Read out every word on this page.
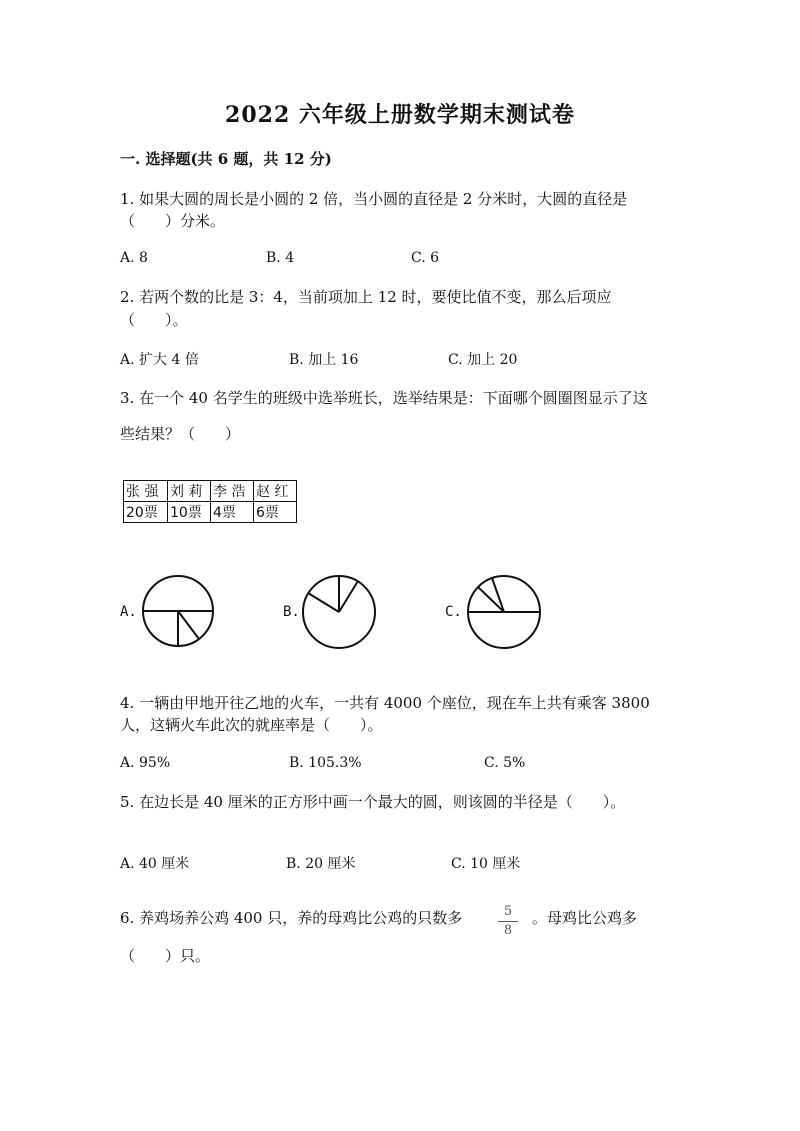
2022 六年级上册数学期末测试卷
一. 选择题(共 6 题，共 12 分)
1. 如果大圆的周长是小圆的 2 倍，当小圆的直径是 2 分米时，大圆的直径是
（　　）分米。
A. 8	B. 4	C. 6
2. 若两个数的比是 3：4，当前项加上 12 时，要使比值不变，那么后项应
（　　）。
A. 扩大 4 倍	B. 加上 16	C. 加上 20
3. 在一个 40 名学生的班级中选举班长，选举结果是：下面哪个圆圈图显示了这
些结果？（　　）
张 强	刘 莉	李 浩	赵 红
20票	10票	4票	6票
A.	B.	C.
4. 一辆由甲地开往乙地的火车，一共有 4000 个座位，现在车上共有乘客 3800
人，这辆火车此次的就座率是（　　）。
A. 95%	B. 105.3%	C. 5%
5. 在边长是 40 厘米的正方形中画一个最大的圆，则该圆的半径是（　　）。
A. 40 厘米	B. 20 厘米	C. 10 厘米
6. 养鸡场养公鸡 400 只，养的母鸡比公鸡的只数多	5
8
。母鸡比公鸡多
（　　）只。
